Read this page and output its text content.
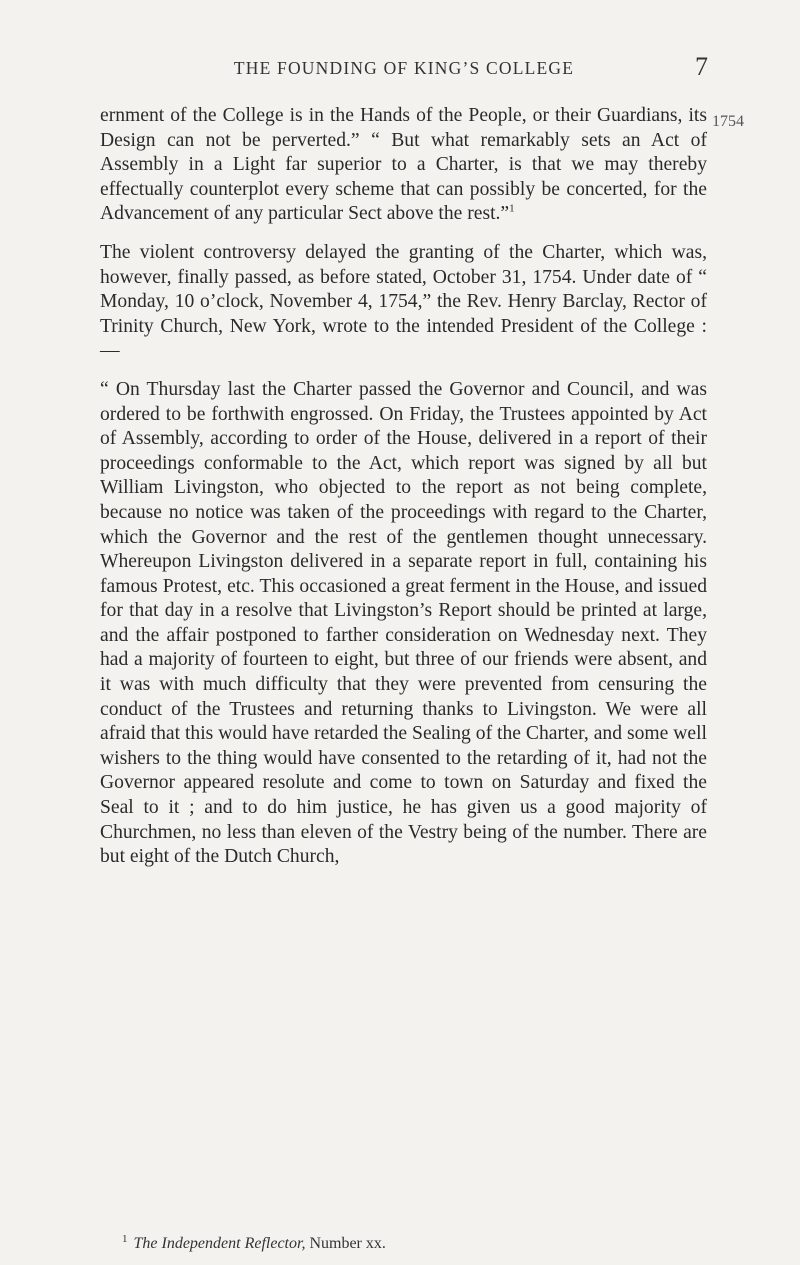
THE FOUNDING OF KING’S COLLEGE	7
1754

ernment of the College is in the Hands of the People, or their Guardians, its Design can not be perverted.” “ But what remarkably sets an Act of Assembly in a Light far superior to a Charter, is that we may thereby effectually counterplot every scheme that can possibly be concerted, for the Advancement of any particular Sect above the rest.”$^1$

The violent controversy delayed the granting of the Charter, which was, however, finally passed, as before stated, October 31, 1754. Under date of “ Monday, 10 o’clock, November 4, 1754,” the Rev. Henry Barclay, Rector of Trinity Church, New York, wrote to the intended President of the College : —

“ On Thursday last the Charter passed the Governor and Council, and was ordered to be forthwith engrossed. On Friday, the Trustees appointed by Act of Assembly, according to order of the House, delivered in a report of their proceedings conformable to the Act, which report was signed by all but William Livingston, who objected to the report as not being complete, because no notice was taken of the proceedings with regard to the Charter, which the Governor and the rest of the gentlemen thought unnecessary. Whereupon Livingston delivered in a separate report in full, containing his famous Protest, etc. This occasioned a great ferment in the House, and issued for that day in a resolve that Livingston’s Report should be printed at large, and the affair postponed to farther consideration on Wednesday next. They had a majority of fourteen to eight, but three of our friends were absent, and it was with much difficulty that they were prevented from censuring the conduct of the Trustees and returning thanks to Livingston. We were all afraid that this would have retarded the Sealing of the Charter, and some well wishers to the thing would have consented to the retarding of it, had not the Governor appeared resolute and come to town on Saturday and fixed the Seal to it ; and to do him justice, he has given us a good majority of Churchmen, no less than eleven of the Vestry being of the number. There are but eight of the Dutch Church,

$^1$ The Independent Reflector, Number xx.
